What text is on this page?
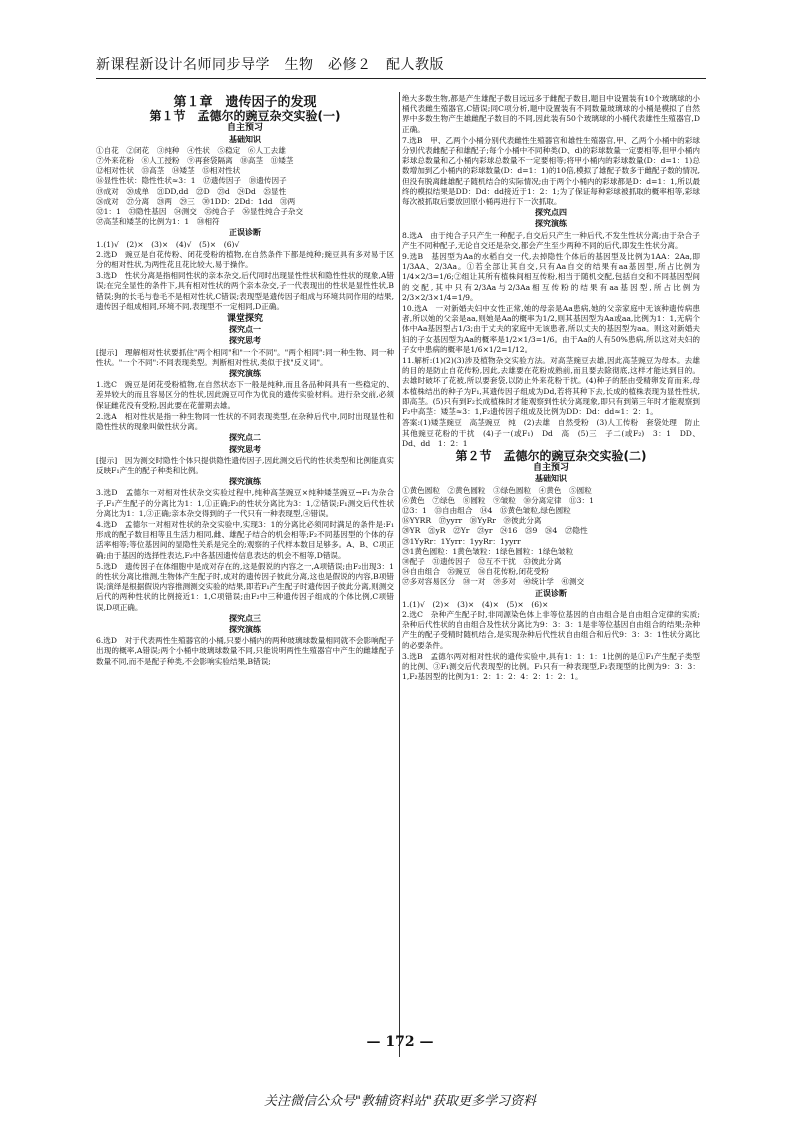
新课程新设计名师同步导学　生物　必修２　配人教版
第１章　遗传因子的发现
第１节　孟德尔的豌豆杂交实验(一)
自主预习
基础知识
①自花　②闭花　③纯种　④性状　⑤稳定　⑥人工去雄
⑦外来花粉　⑧人工授粉　⑨再套袋隔离　⑩高茎　⑪矮茎
⑫相对性状　⑬高茎　⑭矮茎　⑮相对性状
⑯显性性状：隐性性状≈3：1　⑰遗传因子　⑱遗传因子
⑲成对　⑳成单　㉑DD,dd　㉒D　㉓d　㉔Dd　㉕显性
㉖成对　㉗分离　㉘两　㉙三　㉚1DD：2Dd：1dd　㉛两
㉜1：1　㉝隐性基因　㉞测交　㉟纯合子　㊱显性纯合子杂交
㊲高茎和矮茎的比例为1：1　㊳相符
正误诊断
1.(1)√　(2)×　(3)×　(4)√　(5)×　(6)√

2.选D　豌豆是自花传粉、闭花受粉的植物,在自然条件下都是纯种;豌豆具有多对易于区分的相对性状,为两性花且花比较大,易于操作。

3.选D　性状分离是指相同性状的亲本杂交,后代同时出现显性性状和隐性性状的现象,A错误;在完全显性的条件下,具有相对性状的两个亲本杂交,子一代表现出的性状是显性性状,B错误;狗的长毛与卷毛不是相对性状,C错误;表现型是遗传因子组成与环境共同作用的结果,遗传因子组成相同,环境不同,表现型不一定相同,D正确。

课堂探究
探究点一
探究思考

[提示]　理解相对性状要抓住"两个相同"和"一个不同"。"两个相同":同一种生物、同一种性状。"一个不同":不同表现类型。判断相对性状,类似于找"反义词"。

探究演练

1.选C　豌豆是闭花受粉植物,在自然状态下一般是纯种,而且各品种间具有一些稳定的、差异较大的而且容易区分的性状,因此豌豆可作为优良的遗传实验材料。进行杂交前,必须保证雌花没有受粉,因此要在花蕾期去雄。

2.选A　相对性状是指一种生物同一性状的不同表现类型,在杂种后代中,同时出现显性和隐性性状的现象叫做性状分离。

探究点二
探究思考

[提示]　因为测交时隐性个体只提供隐性遗传因子,因此测交后代的性状类型和比例能真实反映F₁产生的配子种类和比例。

探究演练

3.选D　孟德尔一对相对性状杂交实验过程中,纯种高茎豌豆×纯种矮茎豌豆→F₁为杂合子,F₁产生配子的分离比为1：1,①正确;F₂的性状分离比为3：1,②错误;F₁测交后代性状分离比为1：1,③正确;亲本杂交得到的子一代只有一种表现型,④错误。

4.选D　孟德尔一对相对性状的杂交实验中,实现3：1的分离比必须同时满足的条件是:F₁形成的配子数目相等且生活力相同,雌、雄配子结合的机会相等;F₂不同基因型的个体的存活率相等;等位基因间的显隐性关系是完全的;观察的子代样本数目足够多。A、B、C项正确;由于基因的选择性表达,F₂中各基因遗传信息表达的机会不相等,D错误。

5.选D　遗传因子在体细胞中是成对存在的,这是假说的内容之一,A项错误;由F₂出现3：1的性状分离比推测,生物体产生配子时,成对的遗传因子彼此分离,这也是假说的内容,B项错误;演绎是根据假说内容推测测交实验的结果,即若F₁产生配子时遗传因子彼此分离,则测交后代的两种性状的比例接近1：1,C项错误;由F₂中三种遗传因子组成的个体比例,C项错误,D项正确。

探究点三
探究演练

6.选D　对于代表两性生殖器官的小桶,只要小桶内的两种玻璃球数量相同就不会影响配子出现的概率,A错误;两个小桶中玻璃球数量不同,只能说明两性生殖器官中产生的雌雄配子数量不同,而不是配子种类,不会影响实验结果,B错误;

绝大多数生物,都是产生雄配子数目远远多于雌配子数目,题目中设置装有10个玻璃球的小桶代表雌生殖器官,C错误;同C项分析,题中设置装有不同数量玻璃球的小桶是模拟了自然界中多数生物产生雄雌配子数目的不同,因此装有50个玻璃球的小桶代表雄性生殖器官,D正确。

7.选B　甲、乙两个小桶分别代表雌性生殖器官和雄性生殖器官,甲、乙两个小桶中的彩球分别代表雌配子和雄配子;每个小桶中不同种类(D、d)的彩球数量一定要相等,但甲小桶内彩球总数量和乙小桶内彩球总数量不一定要相等;将甲小桶内的彩球数量(D：d=1：1)总数增加到乙小桶内的彩球数量(D：d=1：1)的10倍,模拟了雄配子数多于雌配子数的情况,但没有脱离雌雄配子随机结合的实际情况;由于两个小桶内的彩球都是D：d=1：1,所以最终的模拟结果是DD：Dd：dd接近于1：2：1;为了保证每种彩球被抓取的概率相等,彩球每次被抓取后要放回原小桶再进行下一次抓取。

探究点四
探究演练

8.选A　由于纯合子只产生一种配子,自交后只产生一种后代,不发生性状分离;由于杂合子产生不同种配子,无论自交还是杂交,都会产生至少两种不同的后代,即发生性状分离。

9.选B　基因型为Aa的水稻自交一代,去掉隐性个体后的基因型及比例为1AA：2Aa,即1/3AA、2/3Aa。①若全部让其自交,只有Aa自交的结果有aa基因型,所占比例为1/4×2/3=1/6;②组让其所有植株间相互传粉,相当于随机交配,包括自交和不同基因型间的交配,其中只有2/3Aa与2/3Aa相互传粉的结果有aa基因型,所占比例为2/3×2/3×1/4=1/9。

10.选A　一对新婚夫妇中女性正常,她的母亲是Aa患病,她的父亲家庭中无该种遗传病患者,所以她的父亲是aa,则她是Aa的概率为1/2,则其基因型为Aa或aa,比例为1：1,无病个体中Aa基因型占1/3;由于丈夫的家庭中无该患者,所以丈夫的基因型为aa。则这对新婚夫妇的子女基因型为Aa的概率是1/2×1/3=1/6。由于Aa的人有50%患病,所以这对夫妇的子女中患病的概率是1/6×1/2=1/12。

11.解析:(1)(2)(3)涉及植物杂交实验方法。对高茎豌豆去雄,因此高茎豌豆为母本。去雄的目的是防止自花传粉,因此,去雄要在花粉成熟前,而且要去除彻底,这样才能达到目的。去雄时破坏了花被,所以要套袋,以防止外来花粉干扰。(4)种子的胚由受精卵发育而来,母本植株结出的种子为F₁,其遗传因子组成为Dd,若将其种下去,长成的植株表现为显性性状,即高茎。(5)只有到F₂长成植株时才能观察到性状分离现象,即只有到第三年时才能观察到F₂中高茎：矮茎≈3：1,F₂遗传因子组成及比例为DD：Dd：dd≈1：2：1。

答案:(1)矮茎豌豆　高茎豌豆　纯　(2)去雄　自然受粉　(3)人工传粉　套袋处理　防止其他豌豆花粉的干扰　(4)子一(或F₁)　Dd　高　(5)三　子二(或F₂)　3：1　DD、Dd、dd　1：2：1

第２节　孟德尔的豌豆杂交实验(二)
自主预习
基础知识
①黄色圆粒　②黄色圆粒　③绿色圆粒　④黄色　⑤圆粒
⑥黄色　⑦绿色　⑧圆粒　⑨皱粒　⑩分离定律　⑪3：1
⑫3：1　⑬自由组合　⑭4　⑮黄色皱粒,绿色圆粒
⑯YYRR　⑰yyrr　⑱YyRr　⑲彼此分离
⑳YR　㉑yR　㉒Yr　㉓yr　㉔16　㉕9　㉖4　㉗隐性
㉘1YyRr：1Yyrr：1yyRr：1yyrr
㉙1黄色圆粒：1黄色皱粒：1绿色圆粒：1绿色皱粒
㉚配子　㉛遗传因子　㉜互不干扰　㉝彼此分离
㉞自由组合　㉟豌豆　㊱自花传粉,闭花受粉
㊲多对容易区分　㊳一对　㊴多对　㊵统计学　㊶测交
正误诊断
1.(1)√　(2)×　(3)×　(4)×　(5)×　(6)×

2.选C　杂种产生配子时,非同源染色体上非等位基因的自由组合是自由组合定律的实质;杂种后代性状的自由组合及性状分离比为9：3：3：1是非等位基因自由组合的结果;杂种产生的配子受精时随机结合,是实现杂种后代性状自由组合和后代9：3：3：1性状分离比的必要条件。

3.选B　孟德尔两对相对性状的遗传实验中,具有1：1：1：1比例的是①F₁产生配子类型的比例、③F₁测交后代表现型的比例。F₁只有一种表现型,F₂表现型的比例为9：3：3：1,F₂基因型的比例为1：2：1：2：4：2：1：2：1。

— 172 —
关注微信公众号"教辅资料站"获取更多学习资料
